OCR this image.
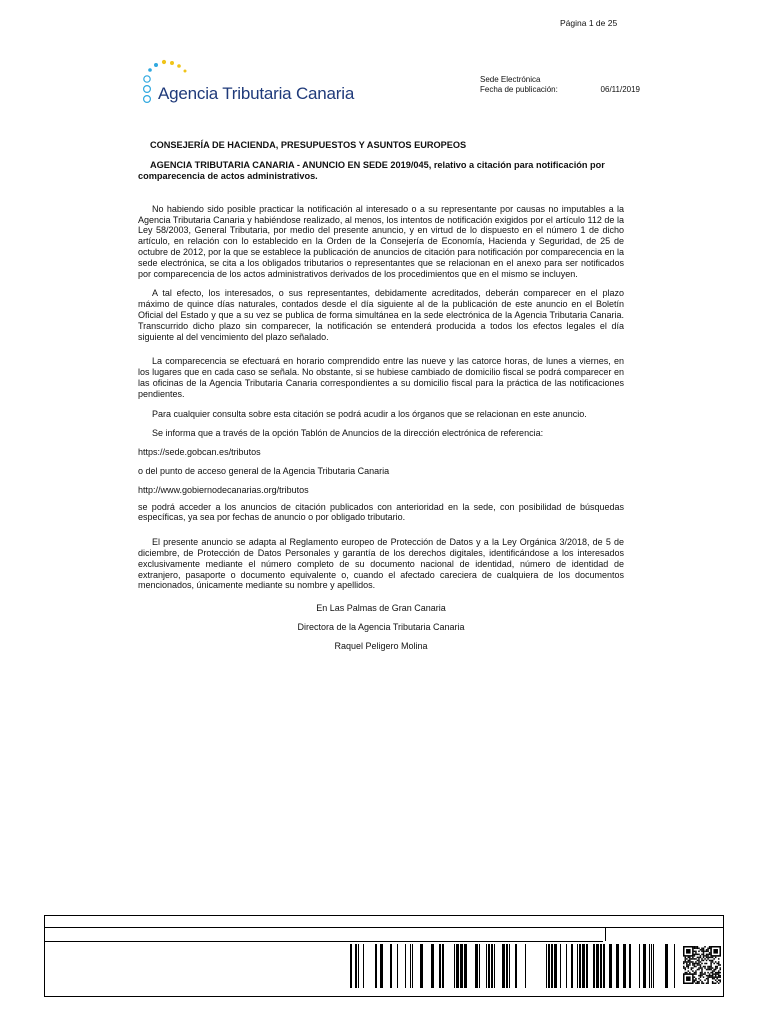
Página 1 de 25
Agencia Tributaria Canaria
Sede Electrónica
Fecha de publicación:	06/11/2019
CONSEJERÍA DE HACIENDA, PRESUPUESTOS Y ASUNTOS EUROPEOS
AGENCIA TRIBUTARIA CANARIA - ANUNCIO EN SEDE 2019/045, relativo a citación para notificación por comparecencia de actos administrativos.

No habiendo sido posible practicar la notificación al interesado o a su representante por causas no imputables a la Agencia Tributaria Canaria y habiéndose realizado, al menos, los intentos de notificación exigidos por el artículo 112 de la Ley 58/2003, General Tributaria, por medio del presente anuncio, y en virtud de lo dispuesto en el número 1 de dicho artículo, en relación con lo establecido en la Orden de la Consejería de Economía, Hacienda y Seguridad, de 25 de octubre de 2012, por la que se establece la publicación de anuncios de citación para notificación por comparecencia en la sede electrónica, se cita a los obligados tributarios o representantes que se relacionan en el anexo para ser notificados por comparecencia de los actos administrativos derivados de los procedimientos que en el mismo se incluyen.

A tal efecto, los interesados, o sus representantes, debidamente acreditados, deberán comparecer en el plazo máximo de quince días naturales, contados desde el día siguiente al de la publicación de este anuncio en el Boletín Oficial del Estado y que a su vez se publica de forma simultánea en la sede electrónica de la Agencia Tributaria Canaria. Transcurrido dicho plazo sin comparecer, la notificación se entenderá producida a todos los efectos legales el día siguiente al del vencimiento del plazo señalado.

La comparecencia se efectuará en horario comprendido entre las nueve y las catorce horas, de lunes a viernes, en los lugares que en cada caso se señala. No obstante, si se hubiese cambiado de domicilio fiscal se podrá comparecer en las oficinas de la Agencia Tributaria Canaria correspondientes a su domicilio fiscal para la práctica de las notificaciones pendientes.

Para cualquier consulta sobre esta citación se podrá acudir a los órganos que se relacionan en este anuncio.

Se informa que a través de la opción Tablón de Anuncios de la dirección electrónica de referencia:

https://sede.gobcan.es/tributos
o del punto de acceso general de la Agencia Tributaria Canaria
http://www.gobiernodecanarias.org/tributos

se podrá acceder a los anuncios de citación publicados con anterioridad en la sede, con posibilidad de búsquedas específicas, ya sea por fechas de anuncio o por obligado tributario.

El presente anuncio se adapta al Reglamento europeo de Protección de Datos y a la Ley Orgánica 3/2018, de 5 de diciembre, de Protección de Datos Personales y garantía de los derechos digitales, identificándose a los interesados exclusivamente mediante el número completo de su documento nacional de identidad, número de identidad de extranjero, pasaporte o documento equivalente o, cuando el afectado careciera de cualquiera de los documentos mencionados, únicamente mediante su nombre y apellidos.

En Las Palmas de Gran Canaria
Directora de la Agencia Tributaria Canaria
Raquel Peligero Molina
